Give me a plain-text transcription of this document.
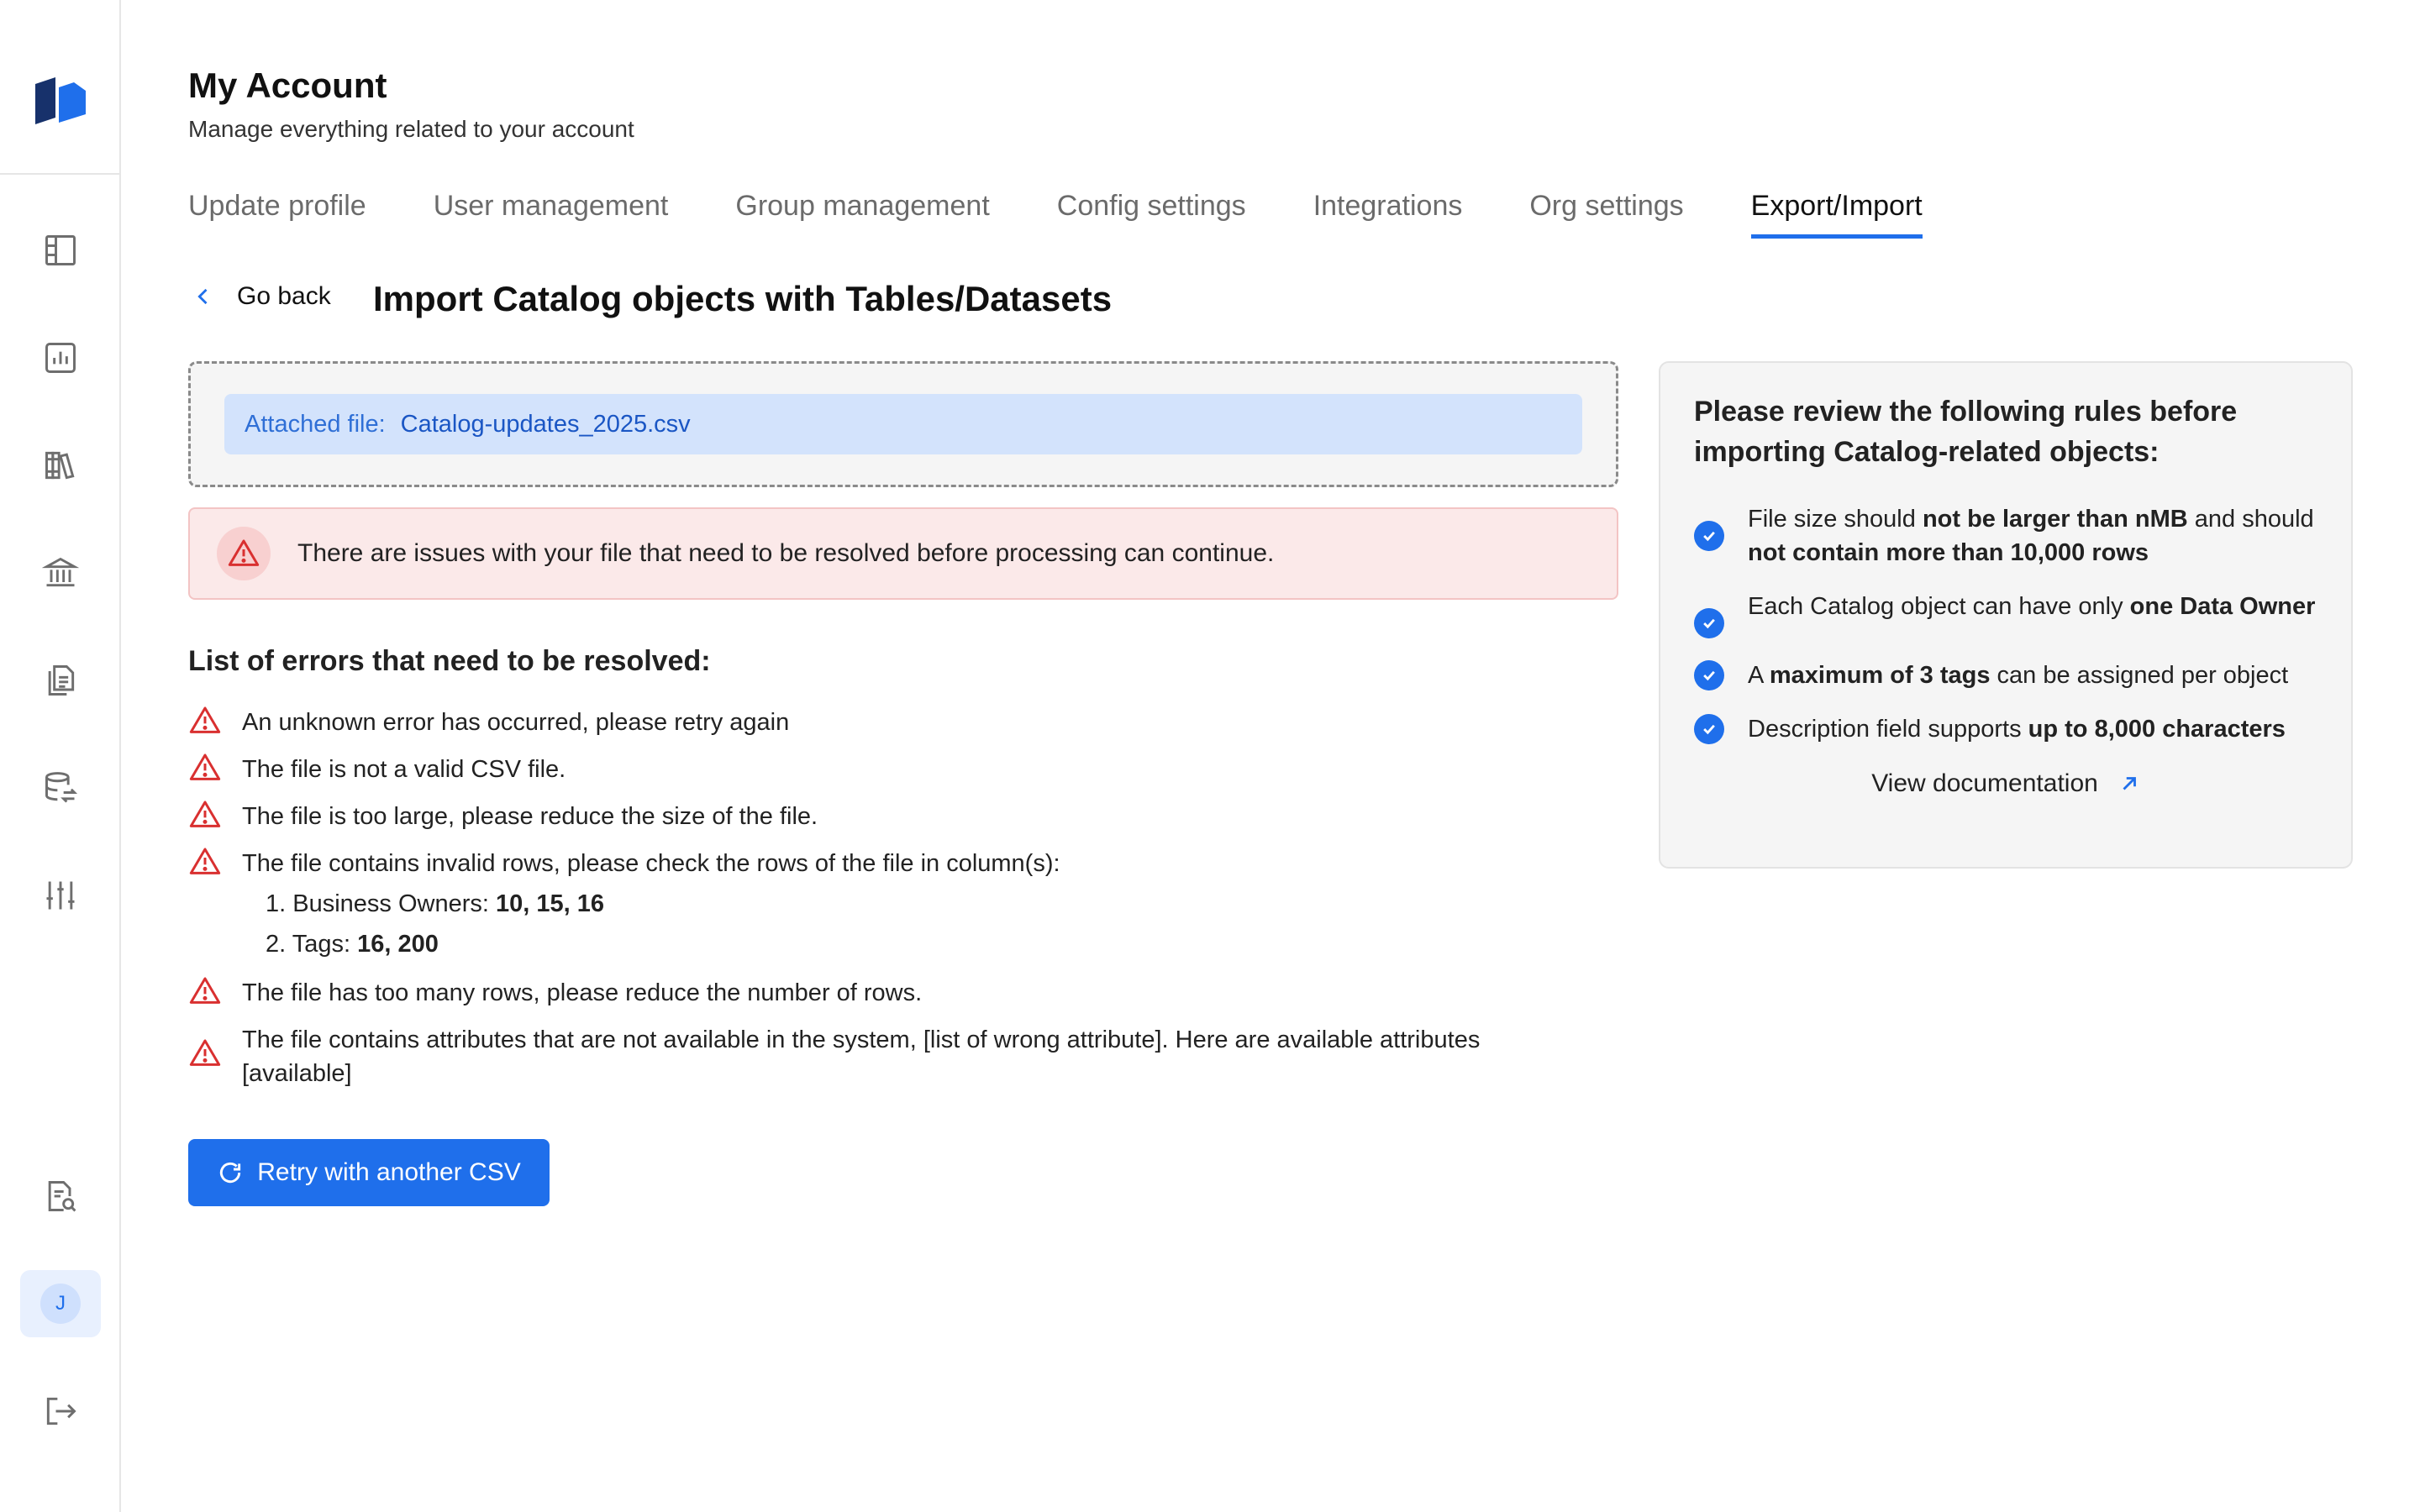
J
My Account
Manage everything related to your account
Update profile User management Group management Config settings Integrations Org settings Export/Import
Go back Import Catalog objects with Tables/Datasets
Attached file: Catalog-updates_2025.csv
There are issues with your file that need to be resolved before processing can continue.
List of errors that need to be resolved:
An unknown error has occurred, please retry again
The file is not a valid CSV file.
The file is too large, please reduce the size of the file.
The file contains invalid rows, please check the rows of the file in column(s):
1. Business Owners: 10, 15, 16
2. Tags: 16, 200
The file has too many rows, please reduce the number of rows.
The file contains attributes that are not available in the system, [list of wrong attribute]. Here are available attributes [available]
Retry with another CSV
Please review the following rules before importing Catalog-related objects:
File size should not be larger than nMB and should not contain more than 10,000 rows
Each Catalog object can have only one Data Owner
A maximum of 3 tags can be assigned per object
Description field supports up to 8,000 characters
View documentation
